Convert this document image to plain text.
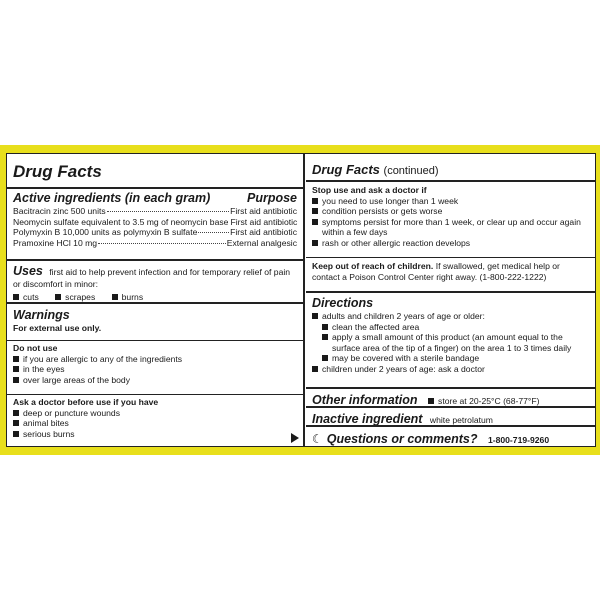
Drug Facts
Active ingredients (in each gram)	Purpose
Bacitracin zinc 500 units	First aid antibiotic
Neomycin sulfate equivalent to 3.5 mg of neomycin base First aid antibiotic
Polymyxin B 10,000 units as polymyxin B sulfate	First aid antibiotic
Pramoxine HCl 10 mg	External analgesic
Uses first aid to help prevent infection and for temporary relief of pain or discomfort in minor:
cuts	scrapes	burns
Warnings
For external use only.
Do not use
if you are allergic to any of the ingredients
in the eyes
over large areas of the body
Ask a doctor before use if you have
deep or puncture wounds
animal bites
serious burns
Drug Facts (continued)
Stop use and ask a doctor if
you need to use longer than 1 week
condition persists or gets worse
symptoms persist for more than 1 week, or clear up and occur again within a few days
rash or other allergic reaction develops
Keep out of reach of children. If swallowed, get medical help or contact a Poison Control Center right away. (1-800-222-1222)
Directions
adults and children 2 years of age or older:
clean the affected area
apply a small amount of this product (an amount equal to the surface area of the tip of a finger) on the area 1 to 3 times daily
may be covered with a sterile bandage
children under 2 years of age: ask a doctor
Other information store at 20-25°C (68-77°F)
Inactive ingredient white petrolatum
☾ Questions or comments? 1-800-719-9260
